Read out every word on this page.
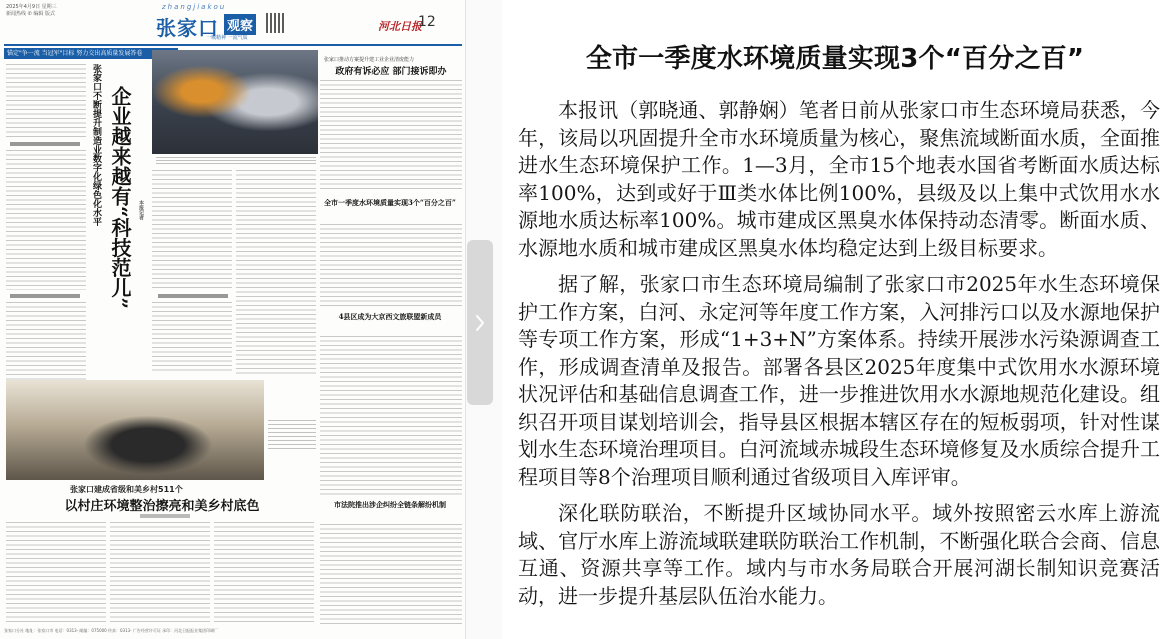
2025年4月9日 星期三
新闻热线 ✆ 编辑 版式
zhangjiakou
张家口 观察
一城精神 一流气质
河北日报
12
锚定"争一流 当冠军"目标 努力交出高质量发展答卷
张家口不断提升制造业数字化绿色化水平 企业越来越有“科技范儿”	本报记者
张家口推动方案提升建工业企业清废能力
政府有诉必应 部门接诉即办
全市一季度水环境质量实现3个“百分之百”
4县区成为大京西文旅联盟新成员
市法院推出涉企纠纷全链条解纷机制
张家口建成省级和美乡村511个
以村庄环境整治擦亮和美乡村底色
张家口分社 地址：张家口市 电话：0313- 邮编：075000 传真：0313- 广告经营许可证 承印：河北日报报业集团印刷厂
全市一季度水环境质量实现3个“百分之百”

本报讯（郭晓通、郭静娴）笔者日前从张家口市生态环境局获悉，今年，该局以巩固提升全市水环境质量为核心，聚焦流域断面水质，全面推进水生态环境保护工作。1—3月，全市15个地表水国省考断面水质达标率100%，达到或好于Ⅲ类水体比例100%，县级及以上集中式饮用水水源地水质达标率100%。城市建成区黑臭水体保持动态清零。断面水质、水源地水质和城市建成区黑臭水体均稳定达到上级目标要求。

据了解，张家口市生态环境局编制了张家口市2025年水生态环境保护工作方案，白河、永定河等年度工作方案，入河排污口以及水源地保护等专项工作方案，形成“1+3+N”方案体系。持续开展涉水污染源调查工作，形成调查清单及报告。部署各县区2025年度集中式饮用水水源环境状况评估和基础信息调查工作，进一步推进饮用水水源地规范化建设。组织召开项目谋划培训会，指导县区根据本辖区存在的短板弱项，针对性谋划水生态环境治理项目。白河流域赤城段生态环境修复及水质综合提升工程项目等8个治理项目顺利通过省级项目入库评审。

深化联防联治，不断提升区域协同水平。域外按照密云水库上游流域、官厅水库上游流域联建联防联治工作机制，不断强化联合会商、信息互通、资源共享等工作。域内与市水务局联合开展河湖长制知识竞赛活动，进一步提升基层队伍治水能力。
